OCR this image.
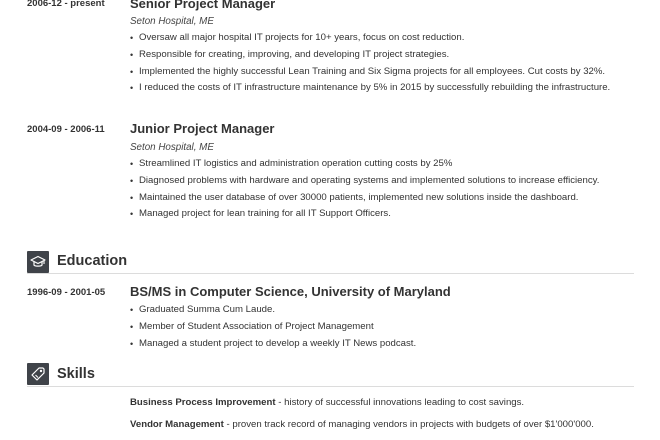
2006-12 - present Senior Project Manager
Seton Hospital, ME
• Oversaw all major hospital IT projects for 10+ years, focus on cost reduction.
• Responsible for creating, improving, and developing IT project strategies.
• Implemented the highly successful Lean Training and Six Sigma projects for all employees. Cut costs by 32%.
• I reduced the costs of IT infrastructure maintenance by 5% in 2015 by successfully rebuilding the infrastructure.
2004-09 - 2006-11 Junior Project Manager
Seton Hospital, ME
• Streamlined IT logistics and administration operation cutting costs by 25%
• Diagnosed problems with hardware and operating systems and implemented solutions to increase efficiency.
• Maintained the user database of over 30000 patients, implemented new solutions inside the dashboard.
• Managed project for lean training for all IT Support Officers.
Education
1996-09 - 2001-05 BS/MS in Computer Science, University of Maryland
• Graduated Summa Cum Laude.
• Member of Student Association of Project Management
• Managed a student project to develop a weekly IT News podcast.
Skills
Business Process Improvement - history of successful innovations leading to cost savings.
Vendor Management - proven track record of managing vendors in projects with budgets of over $1'000'000.
